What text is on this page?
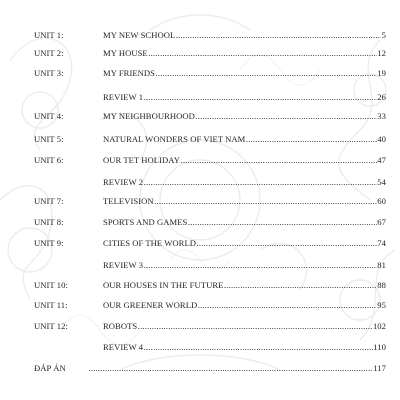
UNIT 1:	MY NEW SCHOOL .....	5
UNIT 2:	MY HOUSE .....	12
UNIT 3:	MY FRIENDS .....	19
REVIEW 1 .....	26
UNIT 4:	MY NEIGHBOURHOOD .....	33
UNIT 5:	NATURAL WONDERS OF VIET NAM .....	40
UNIT 6:	OUR TET HOLIDAY .....	47
REVIEW 2 .....	54
UNIT 7:	TELEVISION .....	60
UNIT 8:	SPORTS AND GAMES .....	67
UNIT 9:	CITIES OF THE WORLD .....	74
REVIEW 3 .....	81
UNIT 10:	OUR HOUSES IN THE FUTURE .....	88
UNIT 11:	OUR GREENER WORLD .....	95
UNIT 12:	ROBOTS .....	102
REVIEW 4 .....	110
ĐÁP ÁN .....	117
